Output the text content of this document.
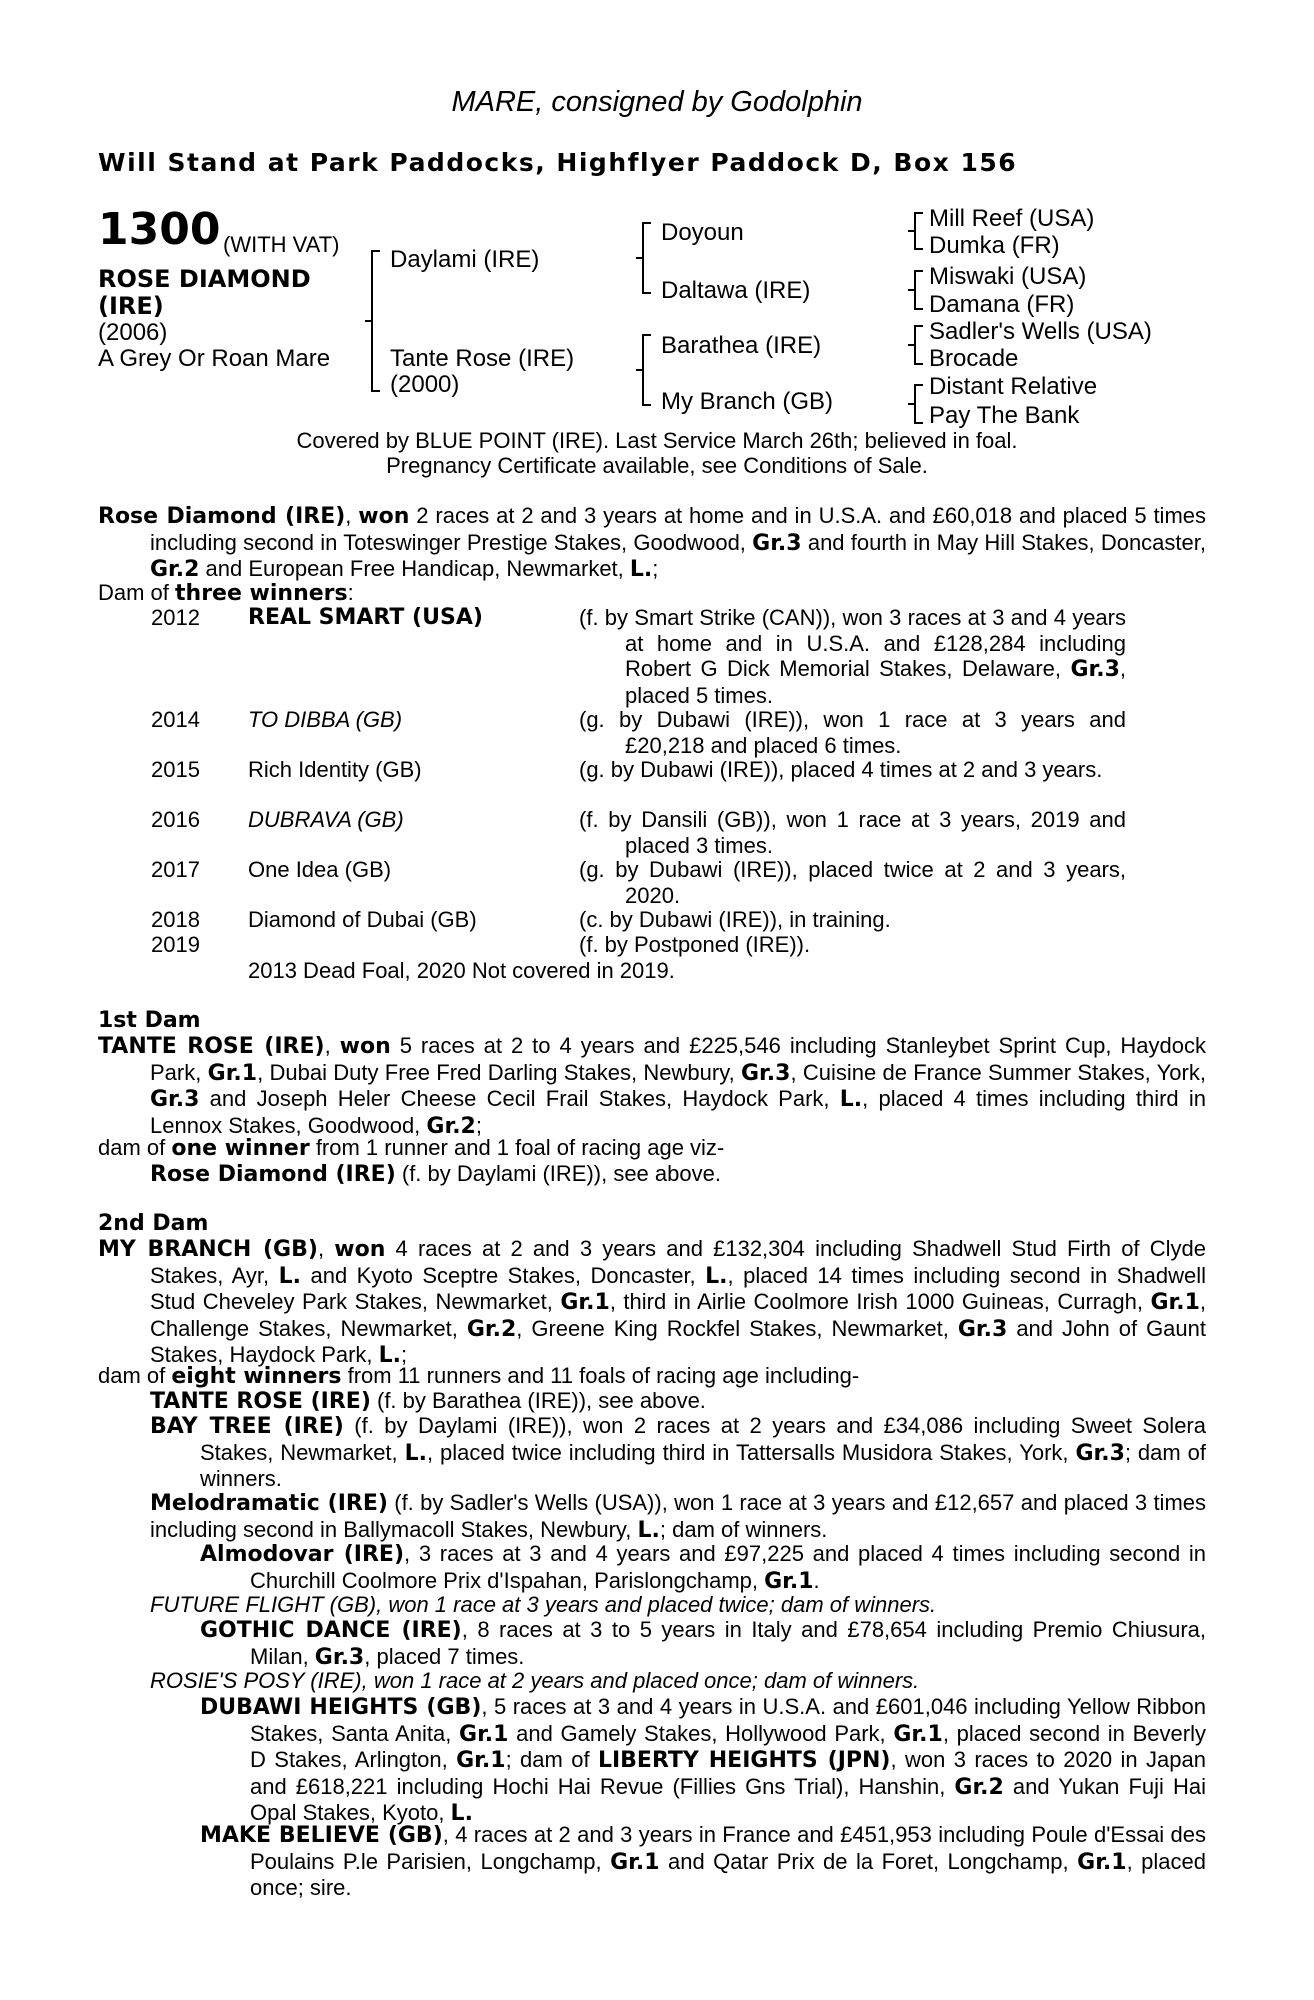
MARE, consigned by Godolphin
Will Stand at Park Paddocks, Highflyer Paddock D, Box 156
1300 (WITH VAT)
ROSE DIAMOND
(IRE)
(2006)
A Grey Or Roan Mare
Daylami (IRE)
Tante Rose (IRE)
(2000)
Doyoun
Daltawa (IRE)
Barathea (IRE)
My Branch (GB)
Mill Reef (USA)
Dumka (FR)
Miswaki (USA)
Damana (FR)
Sadler's Wells (USA)
Brocade
Distant Relative
Pay The Bank
Covered by BLUE POINT (IRE). Last Service March 26th; believed in foal.
Pregnancy Certificate available, see Conditions of Sale.
Rose Diamond (IRE), won 2 races at 2 and 3 years at home and in U.S.A. and £60,018 and placed 5 times including second in Toteswinger Prestige Stakes, Goodwood, Gr.3 and fourth in May Hill Stakes, Doncaster, Gr.2 and European Free Handicap, Newmarket, L.;
Dam of three winners:
2012 REAL SMART (USA)	(f. by Smart Strike (CAN)), won 3 races at 3 and 4 years at home and in U.S.A. and £128,284 including Robert G Dick Memorial Stakes, Delaware, Gr.3, placed 5 times.
2014 TO DIBBA (GB)	(g. by Dubawi (IRE)), won 1 race at 3 years and £20,218 and placed 6 times.
2015 Rich Identity (GB)	(g. by Dubawi (IRE)), placed 4 times at 2 and 3 years.
2016 DUBRAVA (GB)	(f. by Dansili (GB)), won 1 race at 3 years, 2019 and placed 3 times.
2017 One Idea (GB)	(g. by Dubawi (IRE)), placed twice at 2 and 3 years, 2020.
2018 Diamond of Dubai (GB)	(c. by Dubawi (IRE)), in training.
2019	(f. by Postponed (IRE)).
2013 Dead Foal, 2020 Not covered in 2019.
1st Dam
TANTE ROSE (IRE), won 5 races at 2 to 4 years and £225,546 including Stanleybet Sprint Cup, Haydock Park, Gr.1, Dubai Duty Free Fred Darling Stakes, Newbury, Gr.3, Cuisine de France Summer Stakes, York, Gr.3 and Joseph Heler Cheese Cecil Frail Stakes, Haydock Park, L., placed 4 times including third in Lennox Stakes, Goodwood, Gr.2;
dam of one winner from 1 runner and 1 foal of racing age viz-
Rose Diamond (IRE) (f. by Daylami (IRE)), see above.
2nd Dam
MY BRANCH (GB), won 4 races at 2 and 3 years and £132,304 including Shadwell Stud Firth of Clyde Stakes, Ayr, L. and Kyoto Sceptre Stakes, Doncaster, L., placed 14 times including second in Shadwell Stud Cheveley Park Stakes, Newmarket, Gr.1, third in Airlie Coolmore Irish 1000 Guineas, Curragh, Gr.1, Challenge Stakes, Newmarket, Gr.2, Greene King Rockfel Stakes, Newmarket, Gr.3 and John of Gaunt Stakes, Haydock Park, L.;
dam of eight winners from 11 runners and 11 foals of racing age including-
TANTE ROSE (IRE) (f. by Barathea (IRE)), see above.
BAY TREE (IRE) (f. by Daylami (IRE)), won 2 races at 2 years and £34,086 including Sweet Solera Stakes, Newmarket, L., placed twice including third in Tattersalls Musidora Stakes, York, Gr.3; dam of winners.
Melodramatic (IRE) (f. by Sadler's Wells (USA)), won 1 race at 3 years and £12,657 and placed 3 times including second in Ballymacoll Stakes, Newbury, L.; dam of winners.
Almodovar (IRE), 3 races at 3 and 4 years and £97,225 and placed 4 times including second in Churchill Coolmore Prix d'Ispahan, Parislongchamp, Gr.1.
FUTURE FLIGHT (GB), won 1 race at 3 years and placed twice; dam of winners.
GOTHIC DANCE (IRE), 8 races at 3 to 5 years in Italy and £78,654 including Premio Chiusura, Milan, Gr.3, placed 7 times.
ROSIE'S POSY (IRE), won 1 race at 2 years and placed once; dam of winners.
DUBAWI HEIGHTS (GB), 5 races at 3 and 4 years in U.S.A. and £601,046 including Yellow Ribbon Stakes, Santa Anita, Gr.1 and Gamely Stakes, Hollywood Park, Gr.1, placed second in Beverly D Stakes, Arlington, Gr.1; dam of LIBERTY HEIGHTS (JPN), won 3 races to 2020 in Japan and £618,221 including Hochi Hai Revue (Fillies Gns Trial), Hanshin, Gr.2 and Yukan Fuji Hai Opal Stakes, Kyoto, L.
MAKE BELIEVE (GB), 4 races at 2 and 3 years in France and £451,953 including Poule d'Essai des Poulains P.le Parisien, Longchamp, Gr.1 and Qatar Prix de la Foret, Longchamp, Gr.1, placed once; sire.
